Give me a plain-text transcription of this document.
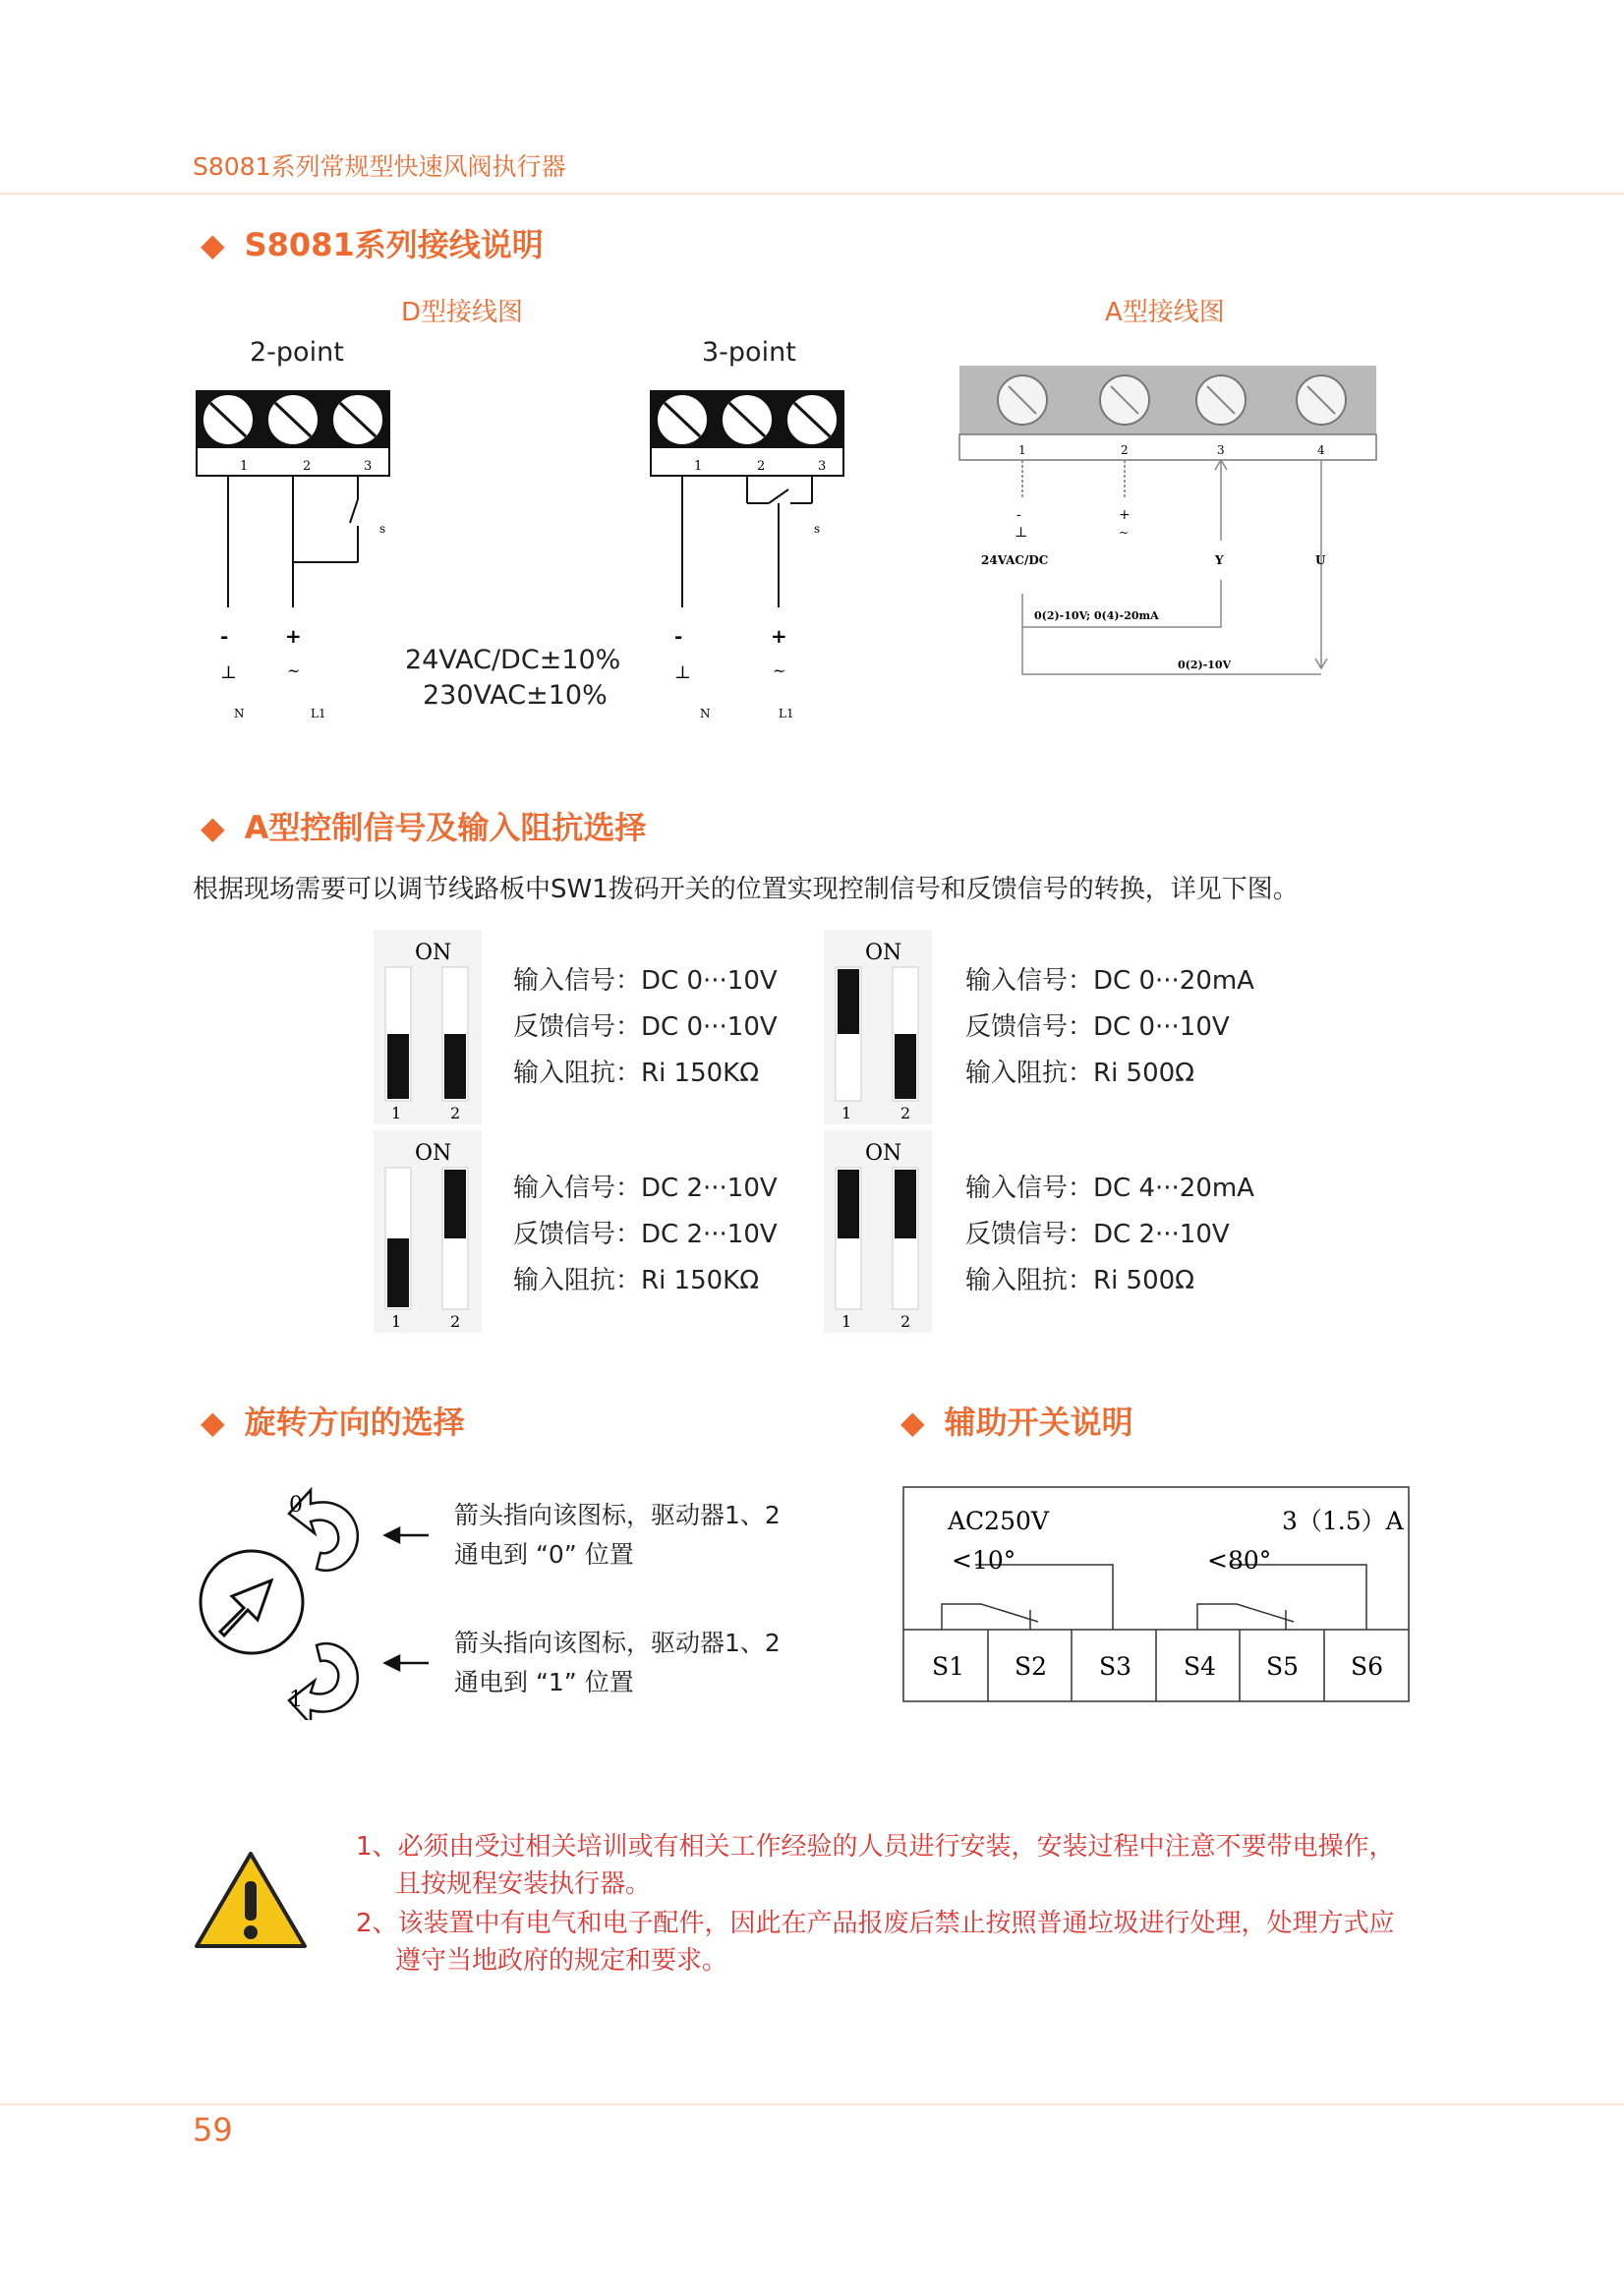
S8081系列常规型快速风阀执行器
◆ S8081系列接线说明
D型接线图	A型接线图
2-point	3-point
24VAC/DC±10%
230VAC±10%
1	2	3
s
-	+
⊥	~
N	L1
1	2	3
s
-	+
⊥	~
N	L1
1	2	3	4
-
⊥
+
~
24VAC/DC	Y	U
0(2)-10V; 0(4)-20mA
0(2)-10V
◆ A型控制信号及输入阻抗选择
根据现场需要可以调节线路板中SW1拨码开关的位置实现控制信号和反馈信号的转换，详见下图。
ON
1	2
ON
1	2
ON
1	2
ON
1	2
输入信号：DC 0···10V
反馈信号：DC 0···10V
输入阻抗：Ri 150KΩ
输入信号：DC 0···20mA
反馈信号：DC 0···10V
输入阻抗：Ri 500Ω
输入信号：DC 2···10V
反馈信号：DC 2···10V
输入阻抗：Ri 150KΩ
输入信号：DC 4···20mA
反馈信号：DC 2···10V
输入阻抗：Ri 500Ω
◆ 旋转方向的选择
0
1
箭头指向该图标，驱动器1、2
通电到 “0” 位置
箭头指向该图标，驱动器1、2
通电到 “1” 位置
◆ 辅助开关说明
AC250V	3（1.5）A
<10°	<80°
S1 S2 S3 S4 S5 S6
1、必须由受过相关培训或有相关工作经验的人员进行安装，安装过程中注意不要带电操作，
且按规程安装执行器。
2、该装置中有电气和电子配件，因此在产品报废后禁止按照普通垃圾进行处理，处理方式应
遵守当地政府的规定和要求。
59
